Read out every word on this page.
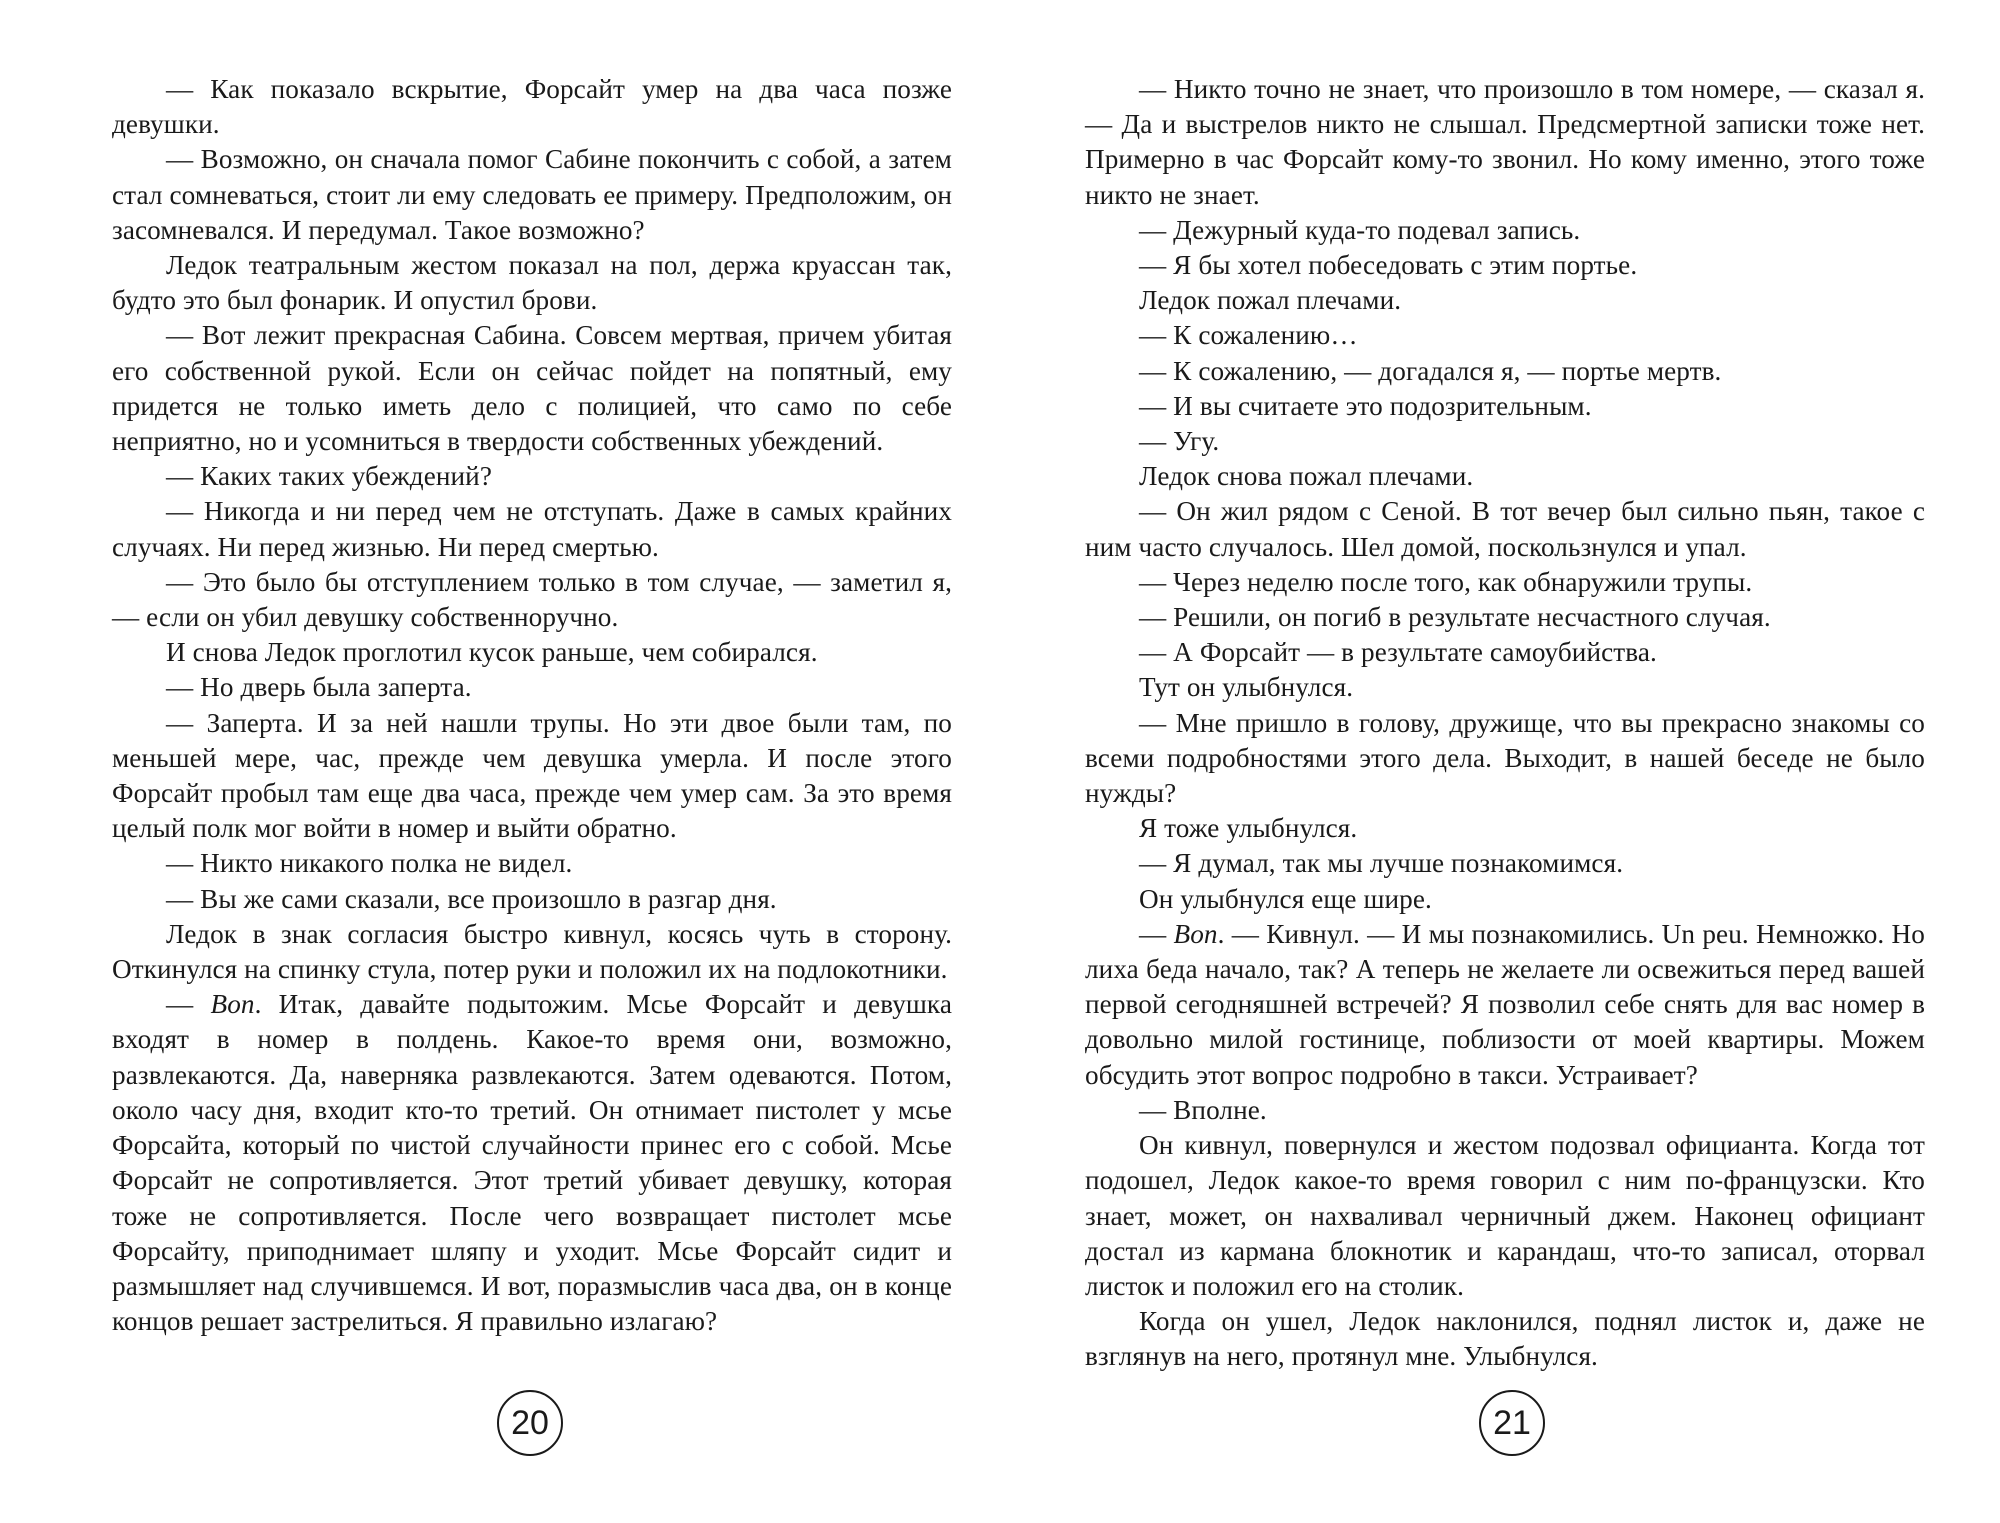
— Как показало вскрытие, Форсайт умер на два часа позже девушки.

— Возможно, он сначала помог Сабине покончить с собой, а затем стал сомневаться, стоит ли ему следовать ее примеру. Предположим, он засомневался. И передумал. Такое возможно?

Ледок театральным жестом показал на пол, держа круассан так, будто это был фонарик. И опустил брови.

— Вот лежит прекрасная Сабина. Совсем мертвая, причем убитая его собственной рукой. Если он сейчас пойдет на попятный, ему придется не только иметь дело с полицией, что само по себе неприятно, но и усомниться в твердости собственных убеждений.

— Каких таких убеждений?

— Никогда и ни перед чем не отступать. Даже в самых крайних случаях. Ни перед жизнью. Ни перед смертью.

— Это было бы отступлением только в том случае, — заметил я, — если он убил девушку собственноручно.

И снова Ледок проглотил кусок раньше, чем собирался.

— Но дверь была заперта.

— Заперта. И за ней нашли трупы. Но эти двое были там, по меньшей мере, час, прежде чем девушка умерла. И после этого Форсайт пробыл там еще два часа, прежде чем умер сам. За это время целый полк мог войти в номер и выйти обратно.

— Никто никакого полка не видел.

— Вы же сами сказали, все произошло в разгар дня.

Ледок в знак согласия быстро кивнул, косясь чуть в сторону. Откинулся на спинку стула, потер руки и положил их на подлокотники.

— Bon. Итак, давайте подытожим. Мсье Форсайт и девушка входят в номер в полдень. Какое-то время они, возможно, развлекаются. Да, наверняка развлекаются. Затем одеваются. Потом, около часу дня, входит кто-то третий. Он отнимает пистолет у мсье Форсайта, который по чистой случайности принес его с собой. Мсье Форсайт не сопротивляется. Этот третий убивает девушку, которая тоже не сопротивляется. После чего возвращает пистолет мсье Форсайту, приподнимает шляпу и уходит. Мсье Форсайт сидит и размышляет над случившемся. И вот, поразмыслив часа два, он в конце концов решает застрелиться. Я правильно излагаю?

— Никто точно не знает, что произошло в том номере, — сказал я. — Да и выстрелов никто не слышал. Предсмертной записки тоже нет. Примерно в час Форсайт кому-то звонил. Но кому именно, этого тоже никто не знает.

— Дежурный куда-то подевал запись.

— Я бы хотел побеседовать с этим портье.

Ледок пожал плечами.

— К сожалению…

— К сожалению, — догадался я, — портье мертв.

— И вы считаете это подозрительным.

— Угу.

Ледок снова пожал плечами.

— Он жил рядом с Сеной. В тот вечер был сильно пьян, такое с ним часто случалось. Шел домой, поскользнулся и упал.

— Через неделю после того, как обнаружили трупы.

— Решили, он погиб в результате несчастного случая.

— А Форсайт — в результате самоубийства.

Тут он улыбнулся.

— Мне пришло в голову, дружище, что вы прекрасно знакомы со всеми подробностями этого дела. Выходит, в нашей беседе не было нужды?

Я тоже улыбнулся.

— Я думал, так мы лучше познакомимся.

Он улыбнулся еще шире.

— Bon. — Кивнул. — И мы познакомились. Un peu. Немножко. Но лиха беда начало, так? А теперь не желаете ли освежиться перед вашей первой сегодняшней встречей? Я позволил себе снять для вас номер в довольно милой гостинице, поблизости от моей квартиры. Можем обсудить этот вопрос подробно в такси. Устраивает?

— Вполне.

Он кивнул, повернулся и жестом подозвал официанта. Когда тот подошел, Ледок какое-то время говорил с ним по-французски. Кто знает, может, он нахваливал черничный джем. Наконец официант достал из кармана блокнотик и карандаш, что-то записал, оторвал листок и положил его на столик.

Когда он ушел, Ледок наклонился, поднял листок и, даже не взглянув на него, протянул мне. Улыбнулся.

20	21
